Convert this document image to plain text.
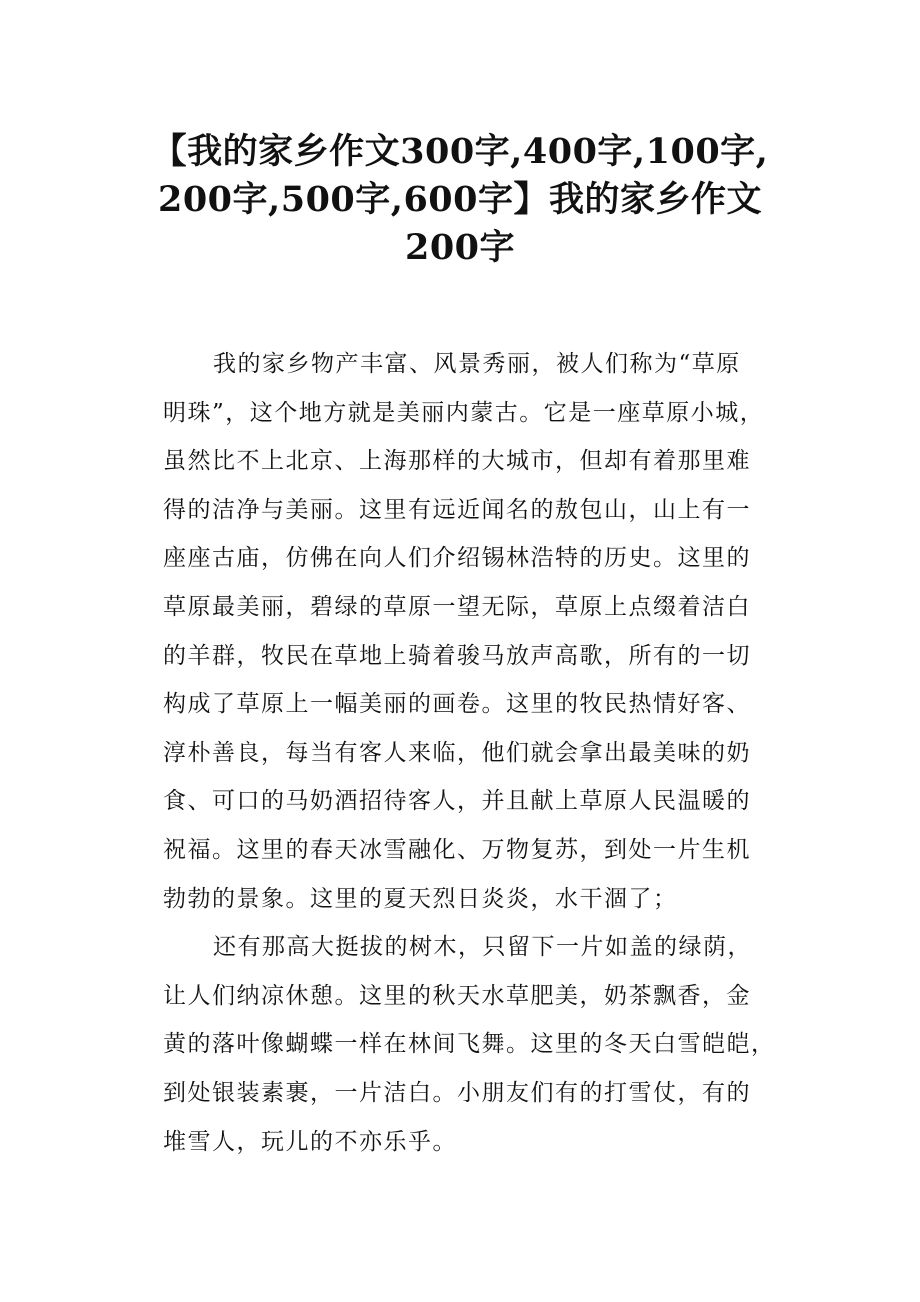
【我的家乡作文300字,400字,100字,
200字,500字,600字】我的家乡作文
200字
我的家乡物产丰富、风景秀丽，被人们称为“草原
明珠”，这个地方就是美丽内蒙古。它是一座草原小城，
虽然比不上北京、上海那样的大城市，但却有着那里难
得的洁净与美丽。这里有远近闻名的敖包山，山上有一
座座古庙，仿佛在向人们介绍锡林浩特的历史。这里的
草原最美丽，碧绿的草原一望无际，草原上点缀着洁白
的羊群，牧民在草地上骑着骏马放声高歌，所有的一切
构成了草原上一幅美丽的画卷。这里的牧民热情好客、
淳朴善良，每当有客人来临，他们就会拿出最美味的奶
食、可口的马奶酒招待客人，并且献上草原人民温暖的
祝福。这里的春天冰雪融化、万物复苏，到处一片生机
勃勃的景象。这里的夏天烈日炎炎，水干涸了；
还有那高大挺拔的树木，只留下一片如盖的绿荫，
让人们纳凉休憩。这里的秋天水草肥美，奶茶飘香，金
黄的落叶像蝴蝶一样在林间飞舞。这里的冬天白雪皑皑，
到处银装素裹，一片洁白。小朋友们有的打雪仗，有的
堆雪人，玩儿的不亦乐乎。
